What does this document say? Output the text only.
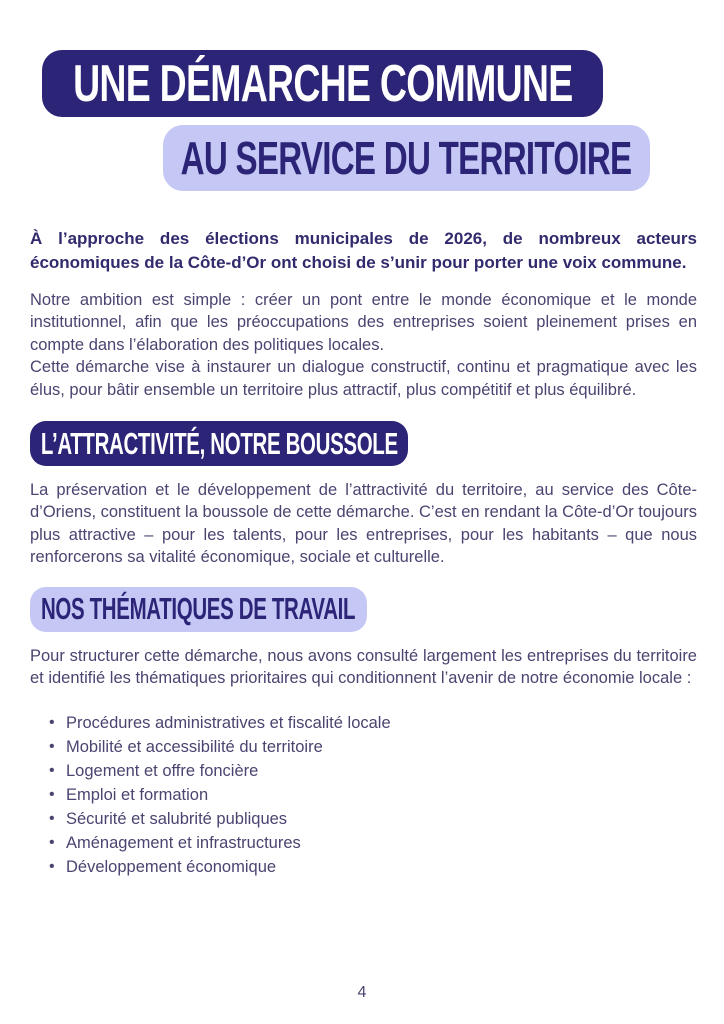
UNE DÉMARCHE COMMUNE
AU SERVICE DU TERRITOIRE

À l’approche des élections municipales de 2026, de nombreux acteurs économiques de la Côte-d’Or ont choisi de s’unir pour porter une voix commune.

Notre ambition est simple : créer un pont entre le monde économique et le monde institutionnel, afin que les préoccupations des entreprises soient pleinement prises en compte dans l’élaboration des politiques locales.

Cette démarche vise à instaurer un dialogue constructif, continu et pragmatique avec les élus, pour bâtir ensemble un territoire plus attractif, plus compétitif et plus équilibré.

L’ATTRACTIVITÉ, NOTRE BOUSSOLE

La préservation et le développement de l’attractivité du territoire, au service des Côte-d’Oriens, constituent la boussole de cette démarche. C’est en rendant la Côte-d’Or toujours plus attractive – pour les talents, pour les entreprises, pour les habitants – que nous renforcerons sa vitalité économique, sociale et culturelle.

NOS THÉMATIQUES DE TRAVAIL

Pour structurer cette démarche, nous avons consulté largement les entreprises du territoire et identifié les thématiques prioritaires qui conditionnent l’avenir de notre économie locale :

• Procédures administratives et fiscalité locale
• Mobilité et accessibilité du territoire
• Logement et offre foncière
• Emploi et formation
• Sécurité et salubrité publiques
• Aménagement et infrastructures
• Développement économique
4
